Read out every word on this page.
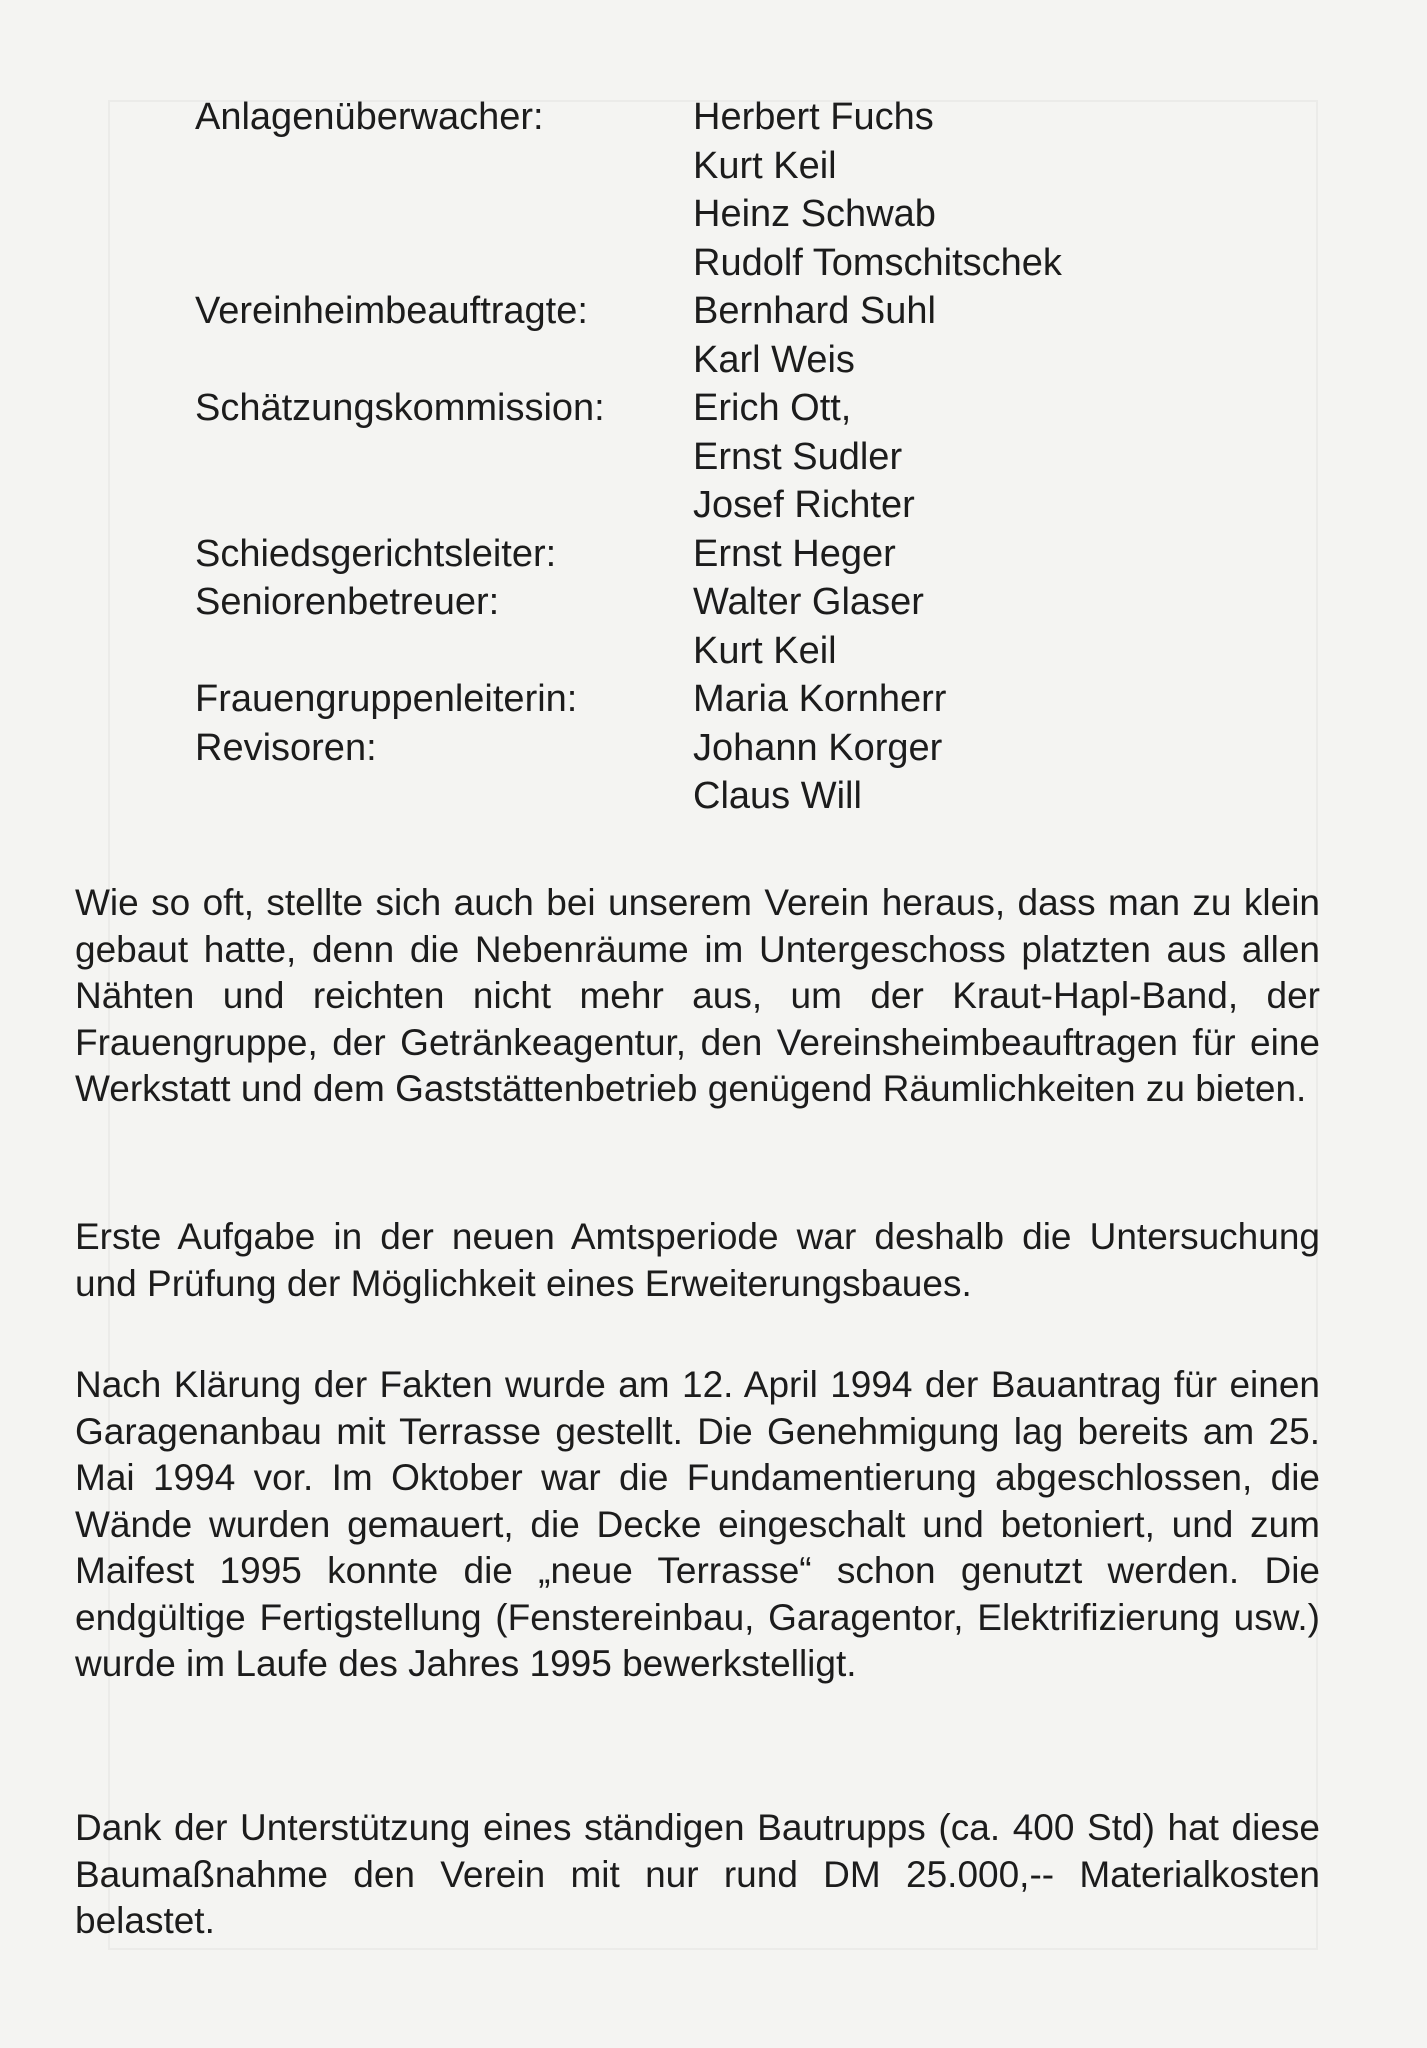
Anlagenüberwacher:	Herbert Fuchs
Kurt Keil
Heinz Schwab
Rudolf Tomschitschek
Vereinheimbeauftragte:	Bernhard Suhl
Karl Weis
Schätzungskommission:	Erich Ott,
Ernst Sudler
Josef Richter
Schiedsgerichtsleiter:	Ernst Heger
Seniorenbetreuer:	Walter Glaser
Kurt Keil
Frauengruppenleiterin:	Maria Kornherr
Revisoren:	Johann Korger
Claus Will

Wie so oft, stellte sich auch bei unserem Verein heraus, dass man zu klein gebaut hatte, denn die Nebenräume im Untergeschoss platzten aus allen Nähten und reichten nicht mehr aus, um der Kraut-Hapl-Band, der Frauengruppe, der Getränkeagentur, den Vereinsheimbeauftragen für eine Werkstatt und dem Gaststättenbetrieb genügend Räumlichkeiten zu bieten.

Erste Aufgabe in der neuen Amtsperiode war deshalb die Untersuchung und Prüfung der Möglichkeit eines Erweiterungsbaues.

Nach Klärung der Fakten wurde am 12. April 1994 der Bauantrag für einen Garagenanbau mit Terrasse gestellt. Die Genehmigung lag bereits am 25. Mai 1994 vor. Im Oktober war die Fundamentierung abgeschlossen, die Wände wurden gemauert, die Decke eingeschalt und betoniert, und zum Maifest 1995 konnte die „neue Terrasse“ schon genutzt werden. Die endgültige Fertigstellung (Fenstereinbau, Garagentor, Elektrifizierung usw.) wurde im Laufe des Jahres 1995 bewerkstelligt.

Dank der Unterstützung eines ständigen Bautrupps (ca. 400 Std) hat diese Baumaßnahme den Verein mit nur rund DM 25.000,-- Materialkosten belastet.
